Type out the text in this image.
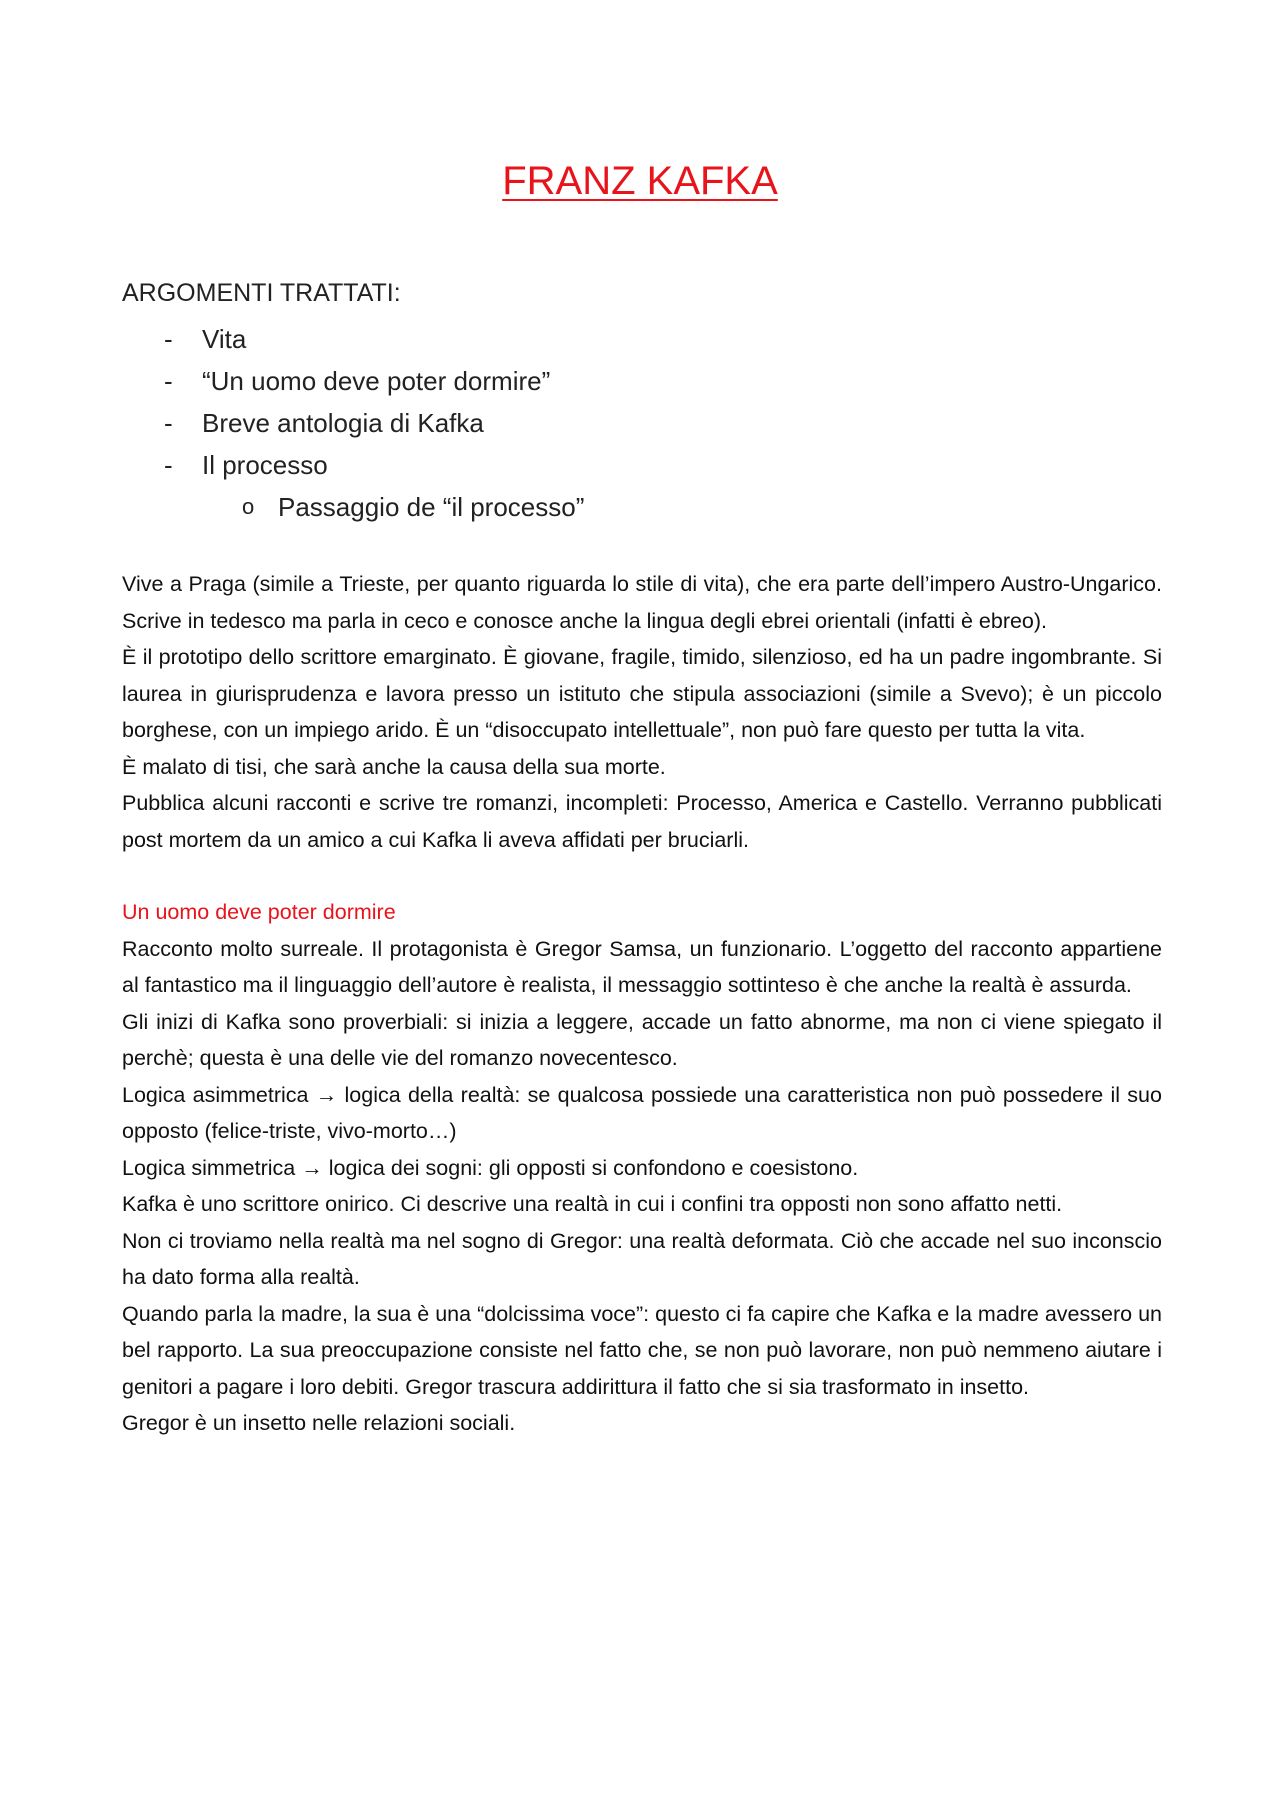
FRANZ KAFKA
ARGOMENTI TRATTATI:
- Vita
- “Un uomo deve poter dormire”
- Breve antologia di Kafka
- Il processo
o Passaggio de “il processo”

Vive a Praga (simile a Trieste, per quanto riguarda lo stile di vita), che era parte dell’impero Austro-Ungarico. Scrive in tedesco ma parla in ceco e conosce anche la lingua degli ebrei orientali (infatti è ebreo).

È il prototipo dello scrittore emarginato. È giovane, fragile, timido, silenzioso, ed ha un padre ingombrante. Si laurea in giurisprudenza e lavora presso un istituto che stipula associazioni (simile a Svevo); è un piccolo borghese, con un impiego arido. È un “disoccupato intellettuale”, non può fare questo per tutta la vita.

È malato di tisi, che sarà anche la causa della sua morte.

Pubblica alcuni racconti e scrive tre romanzi, incompleti: Processo, America e Castello. Verranno pubblicati post mortem da un amico a cui Kafka li aveva affidati per bruciarli.

Un uomo deve poter dormire

Racconto molto surreale. Il protagonista è Gregor Samsa, un funzionario. L’oggetto del racconto appartiene al fantastico ma il linguaggio dell’autore è realista, il messaggio sottinteso è che anche la realtà è assurda.

Gli inizi di Kafka sono proverbiali: si inizia a leggere, accade un fatto abnorme, ma non ci viene spiegato il perchè; questa è una delle vie del romanzo novecentesco.

Logica asimmetrica → logica della realtà: se qualcosa possiede una caratteristica non può possedere il suo opposto (felice-triste, vivo-morto…)

Logica simmetrica → logica dei sogni: gli opposti si confondono e coesistono.

Kafka è uno scrittore onirico. Ci descrive una realtà in cui i confini tra opposti non sono affatto netti.

Non ci troviamo nella realtà ma nel sogno di Gregor: una realtà deformata. Ciò che accade nel suo inconscio ha dato forma alla realtà.

Quando parla la madre, la sua è una “dolcissima voce”: questo ci fa capire che Kafka e la madre avessero un bel rapporto. La sua preoccupazione consiste nel fatto che, se non può lavorare, non può nemmeno aiutare i genitori a pagare i loro debiti. Gregor trascura addirittura il fatto che si sia trasformato in insetto.

Gregor è un insetto nelle relazioni sociali.
